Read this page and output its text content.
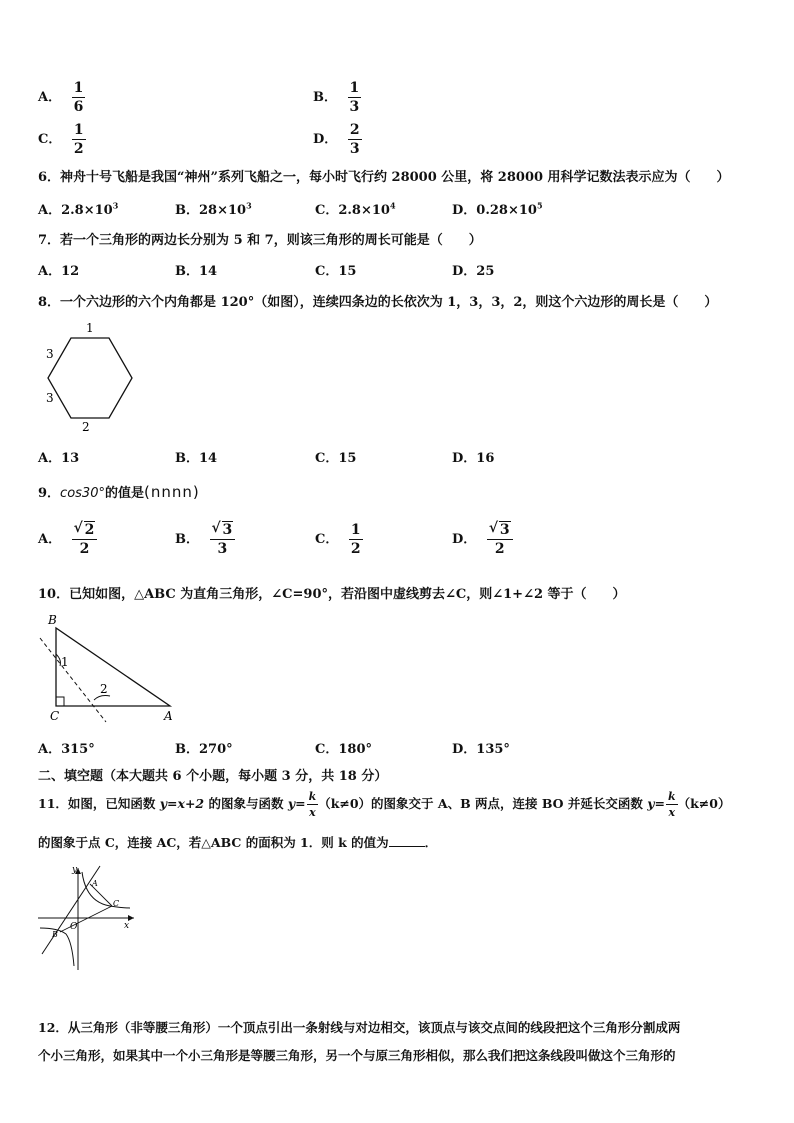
A． $\frac{1}{6}$	B． $\frac{1}{3}$
C． $\frac{1}{2}$	D． $\frac{2}{3}$
6．神舟十号飞船是我国“神州”系列飞船之一，每小时飞行约 28000 公里，将 28000 用科学记数法表示应为（　　）
A．$2.8\times 10^3$	B．$28\times 10^3$	C．$2.8\times 10^4$	D．$0.28\times 10^5$
7．若一个三角形的两边长分别为 5 和 7，则该三角形的周长可能是（　　）
A．12	B．14	C．15	D．25
8．一个六边形的六个内角都是 120°（如图），连续四条边的长依次为 1，3，3，2，则这个六边形的周长是（　　）
1
3
3
2
A．13	B．14	C．15	D．16
9．cos30°的值是(nnnn)
A． $\frac{√ 2}{2}$	B． $\frac{√ 3}{3}$	C． $\frac{1}{2}$	D． $\frac{√ 3}{2}$
10．已知如图，△ABC 为直角三角形，∠C=90°，若沿图中虚线剪去∠C，则∠1+∠2 等于（　　）
B
C	A
1
2
A．315°	B．270°	C．180°	D．135°
二、填空题（本大题共 6 个小题，每小题 3 分，共 18 分）
11．如图，已知函数 y=x+2 的图象与函数 $y= \frac{k}{x} (k\ne 0)$的图象交于 A、B 两点，连接 BO 并延长交函数 $y= \frac{k}{x} (k\ne 0)$
的图象于点 C，连接 AC，若△ABC 的面积为 1．则 k 的值为	．
y
x
O
A
B
C
12．从三角形（非等腰三角形）一个顶点引出一条射线与对边相交，该顶点与该交点间的线段把这个三角形分割成两
个小三角形，如果其中一个小三角形是等腰三角形，另一个与原三角形相似，那么我们把这条线段叫做这个三角形的
